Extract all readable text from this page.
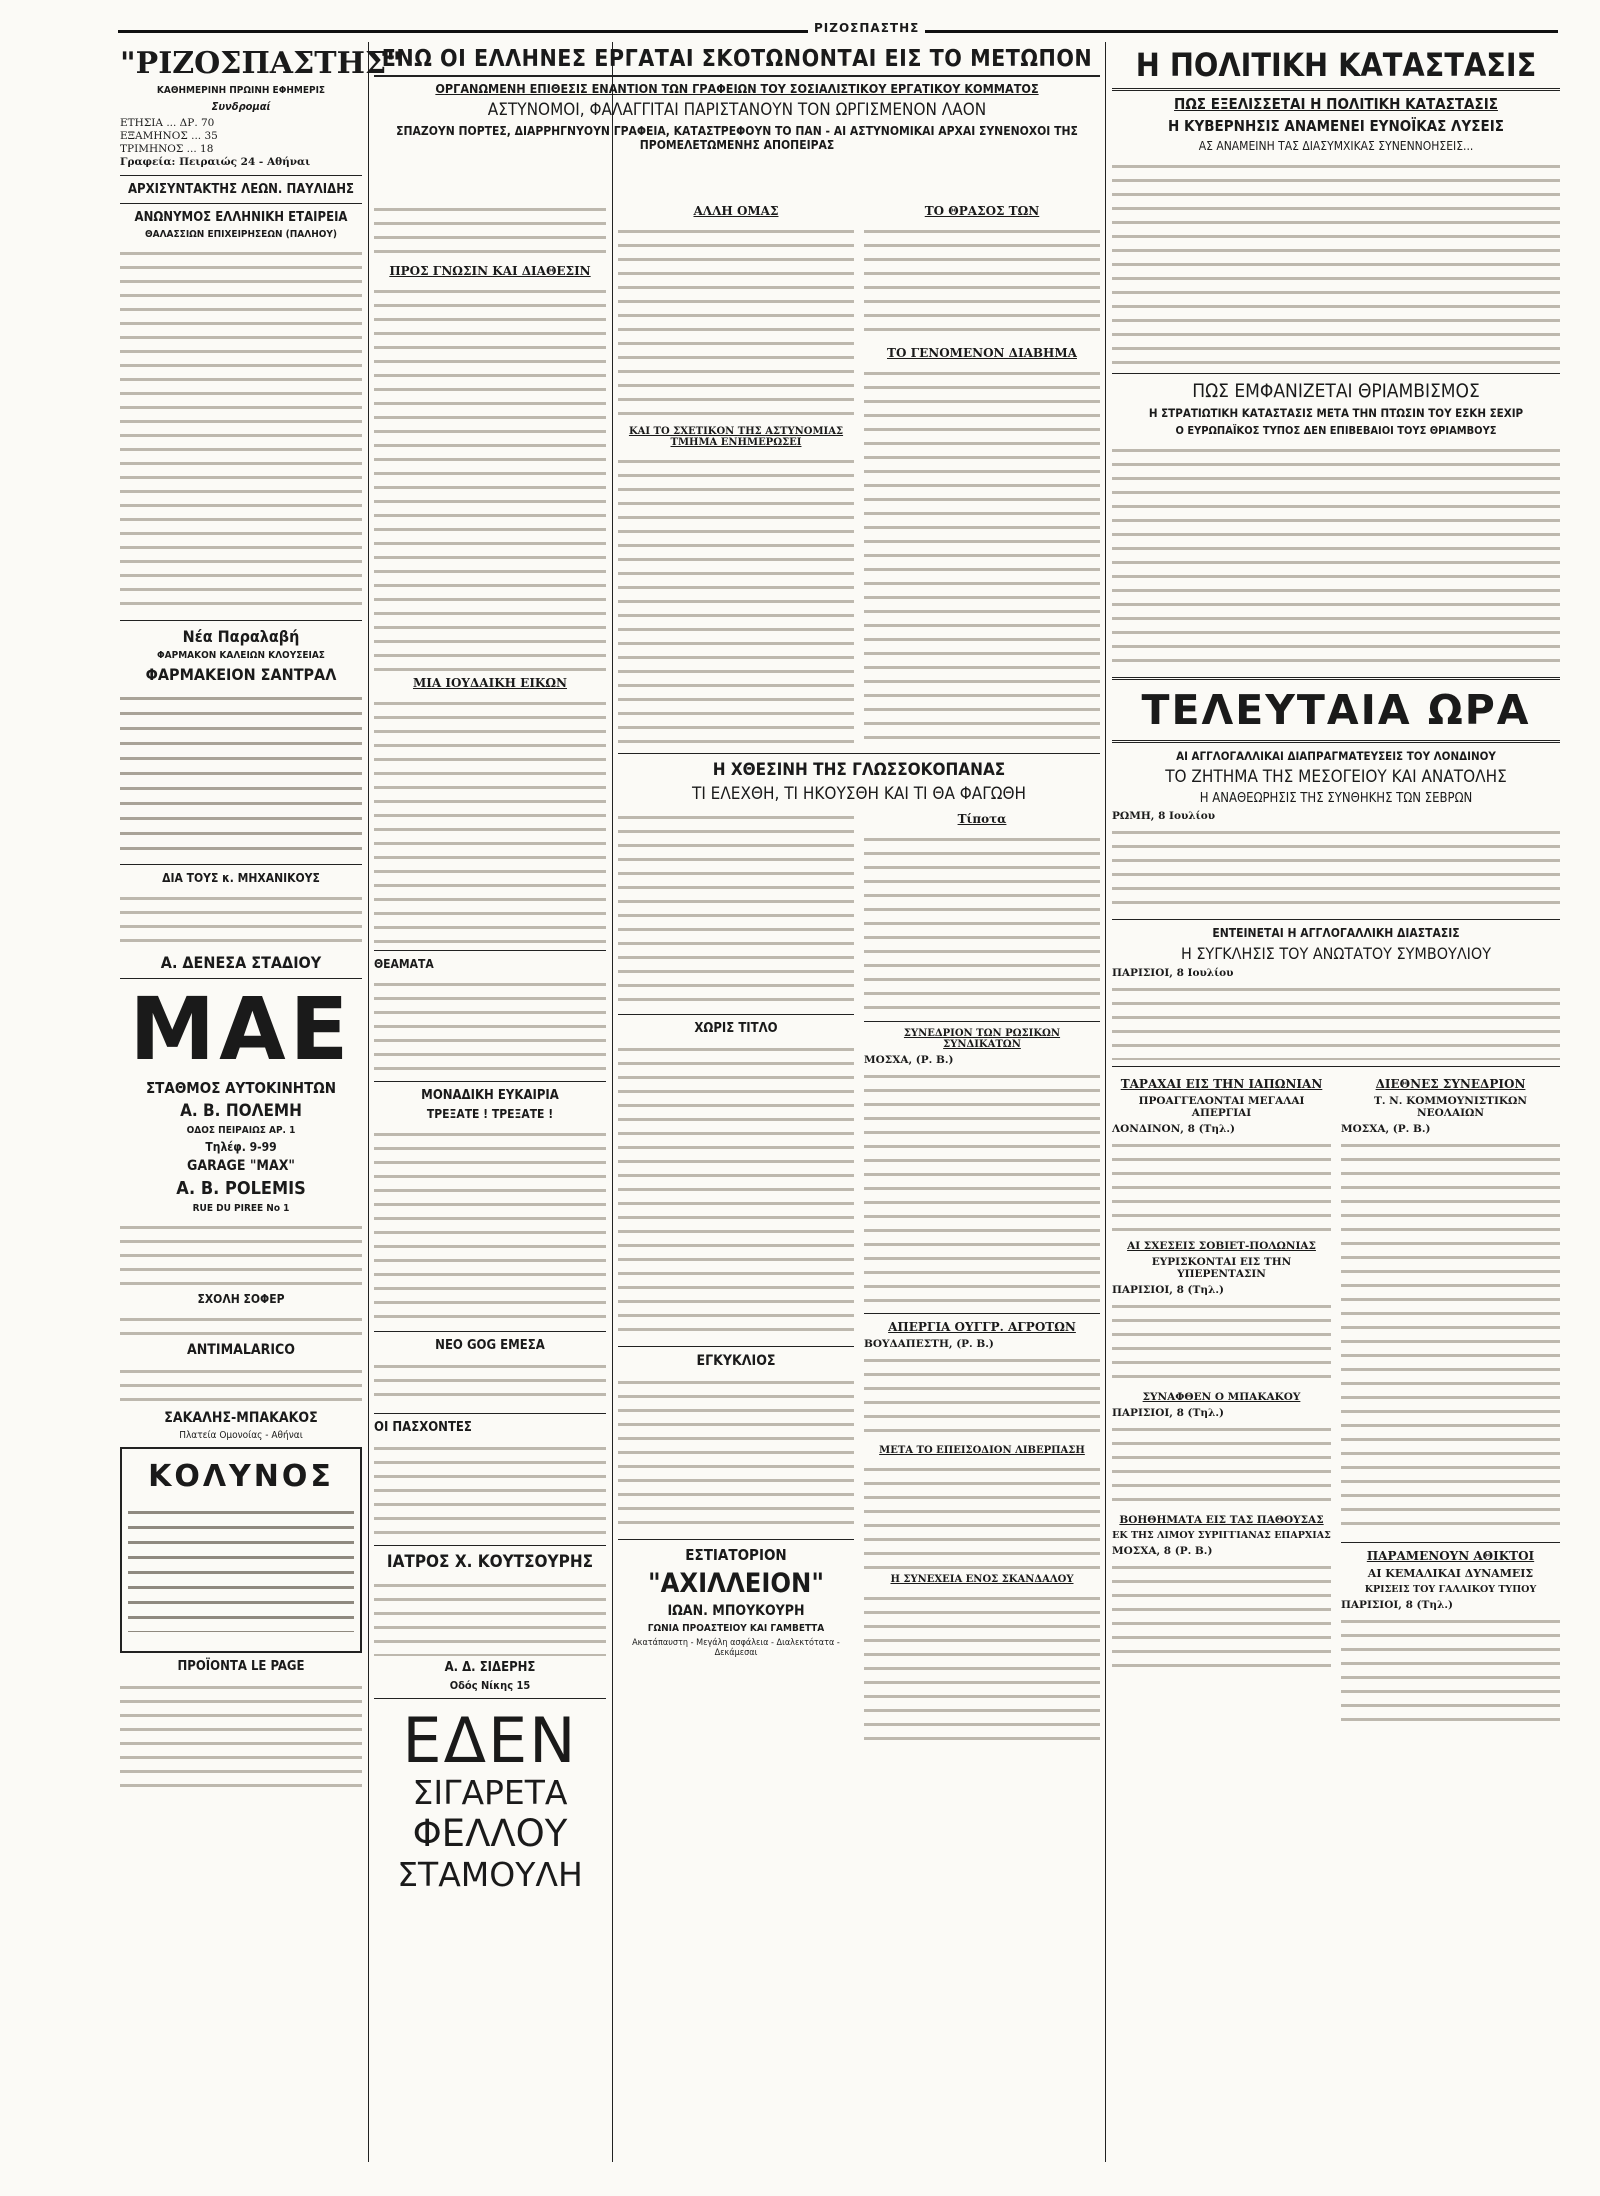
ΡΙΖΟΣΠΑΣΤΗΣ
"ΡΙΖΟΣΠΑΣΤΗΣ"
ΚΑΘΗΜΕΡΙΝΗ ΠΡΩΙΝΗ ΕΦΗΜΕΡΙΣ
Συνδρομαί
ΕΤΗΣΙΑ ... ΔΡ. 70
ΕΞΑΜΗΝΟΣ ... 35
ΤΡΙΜΗΝΟΣ ... 18
Γραφεία: Πειραιώς 24 - Αθήναι
ΑΡΧΙΣΥΝΤΑΚΤΗΣ ΛΕΩΝ. ΠΑΥΛΙΔΗΣ
ΑΝΩΝΥΜΟΣ ΕΛΛΗΝΙΚΗ ΕΤΑΙΡΕΙΑ
ΘΑΛΑΣΣΙΩΝ ΕΠΙΧΕΙΡΗΣΕΩΝ (ΠΑΛΗΟΥ)
Νέα Παραλαβή
ΦΑΡΜΑΚΟΝ ΚΑΛΕΙΩΝ ΚΛΟΥΣΕΙΑΣ
ΦΑΡΜΑΚΕΙΟΝ ΣΑΝΤΡΑΛ
ΔΙΑ ΤΟΥΣ κ. ΜΗΧΑΝΙΚΟΥΣ
Α. ΔΕΝΕΣΑ ΣΤΑΔΙΟΥ
ΜΑΕ
ΣΤΑΘΜΟΣ ΑΥΤΟΚΙΝΗΤΩΝ
Α. Β. ΠΟΛΕΜΗ
ΟΔΟΣ ΠΕΙΡΑΙΩΣ ΑΡ. 1
Τηλέφ. 9-99
GARAGE "MAX"
A. B. POLEMIS
RUE DU PIREE No 1
ΣΧΟΛΗ ΣΟΦΕΡ
ANTIMALARICO
ΣΑΚΑΛΗΣ-ΜΠΑΚΑΚΟΣ
Πλατεία Ομονοίας - Αθήναι
ΚΟΛΥΝΟΣ
ΠΡΟΪΟΝΤΑ LE PAGE
ΕΝΩ ΟΙ ΕΛΛΗΝΕΣ ΕΡΓΑΤΑΙ ΣΚΟΤΩΝΟΝΤΑΙ ΕΙΣ ΤΟ ΜΕΤΩΠΟΝ
ΟΡΓΑΝΩΜΕΝΗ ΕΠΙΘΕΣΙΣ ΕΝΑΝΤΙΟΝ ΤΩΝ ΓΡΑΦΕΙΩΝ ΤΟΥ ΣΟΣΙΑΛΙΣΤΙΚΟΥ ΕΡΓΑΤΙΚΟΥ ΚΟΜΜΑΤΟΣ
ΑΣΤΥΝΟΜΟΙ, ΦΑΛΑΓΓΙΤΑΙ ΠΑΡΙΣΤΑΝΟΥΝ ΤΟΝ ΩΡΓΙΣΜΕΝΟΝ ΛΑΟΝ
ΣΠΑΖΟΥΝ ΠΟΡΤΕΣ, ΔΙΑΡΡΗΓΝΥΟΥΝ ΓΡΑΦΕΙΑ, ΚΑΤΑΣΤΡΕΦΟΥΝ ΤΟ ΠΑΝ - ΑΙ ΑΣΤΥΝΟΜΙΚΑΙ ΑΡΧΑΙ ΣΥΝΕΝΟΧΟΙ ΤΗΣ ΠΡΟΜΕΛΕΤΩΜΕΝΗΣ ΑΠΟΠΕΙΡΑΣ
ΠΡΟΣ ΓΝΩΣΙΝ ΚΑΙ ΔΙΑΘΕΣΙΝ
ΜΙΑ ΙΟΥΔΑΙΚΗ ΕΙΚΩΝ
ΘΕΑΜΑΤΑ
ΜΟΝΑΔΙΚΗ ΕΥΚΑΙΡΙΑ
ΤΡΕΞΑΤΕ ! ΤΡΕΞΑΤΕ !
ΝΕΟ GOG ΕΜΕΣΑ
ΟΙ ΠΑΣΧΟΝΤΕΣ
ΙΑΤΡΟΣ Χ. ΚΟΥΤΣΟΥΡΗΣ
Α. Δ. ΣΙΔΕΡΗΣ
Οδός Νίκης 15
ΕΔΕΝ
ΣΙΓΑΡΕΤΑ
ΦΕΛΛΟΥ
ΣΤΑΜΟΥΛΗ
ΑΛΛΗ ΟΜΑΣ
ΚΑΙ ΤΟ ΣΧΕΤΙΚΟΝ ΤΗΣ ΑΣΤΥΝΟΜΙΑΣ ΤΜΗΜΑ ΕΝΗΜΕΡΩΣΕΙ
ΤΟ ΘΡΑΣΟΣ ΤΩΝ
ΤΟ ΓΕΝΟΜΕΝΟΝ ΔΙΑΒΗΜΑ
Η ΧΘΕΣΙΝΗ ΤΗΣ ΓΛΩΣΣΟΚΟΠΑΝΑΣ
ΤΙ ΕΛΕΧΘΗ, ΤΙ ΗΚΟΥΣΘΗ ΚΑΙ ΤΙ ΘΑ ΦΑΓΩΘΗ
ΧΩΡΙΣ ΤΙΤΛΟ
ΕΓΚΥΚΛΙΟΣ
ΕΣΤΙΑΤΟΡΙΟΝ
"ΑΧΙΛΛΕΙΟΝ"
ΙΩΑΝ. ΜΠΟΥΚΟΥΡΗ
ΓΩΝΙΑ ΠΡΟΑΣΤΕΙΟΥ ΚΑΙ ΓΑΜΒΕΤΤΑ
Ακατάπαυστη - Μεγάλη ασφάλεια - Διαλεκτότατα - Δεκάμεσαι
Τίποτα
ΣΥΝΕΔΡΙΟΝ ΤΩΝ ΡΩΣΙΚΩΝ ΣΥΝΔΙΚΑΤΩΝ
ΜΟΣΧΑ, (Ρ. Β.)
ΑΠΕΡΓΙΑ ΟΥΓΓΡ. ΑΓΡΟΤΩΝ
ΒΟΥΔΑΠΕΣΤΗ, (Ρ. Β.)
ΜΕΤΑ ΤΟ ΕΠΕΙΣΟΔΙΟΝ ΛΙΒΕΡΠΑΣΗ
Η ΣΥΝΕΧΕΙΑ ΕΝΟΣ ΣΚΑΝΔΑΛΟΥ
Η ΠΟΛΙΤΙΚΗ ΚΑΤΑΣΤΑΣΙΣ
ΠΩΣ ΕΞΕΛΙΣΣΕΤΑΙ Η ΠΟΛΙΤΙΚΗ ΚΑΤΑΣΤΑΣΙΣ
Η ΚΥΒΕΡΝΗΣΙΣ ΑΝΑΜΕΝΕΙ ΕΥΝΟΪΚΑΣ ΛΥΣΕΙΣ
ΑΣ ΑΝΑΜΕΙΝΗ ΤΑΣ ΔΙΑΣΥΜΧΙΚΑΣ ΣΥΝΕΝΝΟΗΣΕΙΣ...
ΠΩΣ ΕΜΦΑΝΙΖΕΤΑΙ ΘΡΙΑΜΒΙΣΜΟΣ
Η ΣΤΡΑΤΙΩΤΙΚΗ ΚΑΤΑΣΤΑΣΙΣ ΜΕΤΑ ΤΗΝ ΠΤΩΣΙΝ ΤΟΥ ΕΣΚΗ ΣΕΧΙΡ
Ο ΕΥΡΩΠΑΪΚΟΣ ΤΥΠΟΣ ΔΕΝ ΕΠΙΒΕΒΑΙΟΙ ΤΟΥΣ ΘΡΙΑΜΒΟΥΣ
ΤΕΛΕΥΤΑΙΑ ΩΡΑ
ΑΙ ΑΓΓΛΟΓΑΛΛΙΚΑΙ ΔΙΑΠΡΑΓΜΑΤΕΥΣΕΙΣ ΤΟΥ ΛΟΝΔΙΝΟΥ
ΤΟ ΖΗΤΗΜΑ ΤΗΣ ΜΕΣΟΓΕΙΟΥ ΚΑΙ ΑΝΑΤΟΛΗΣ
Η ΑΝΑΘΕΩΡΗΣΙΣ ΤΗΣ ΣΥΝΘΗΚΗΣ ΤΩΝ ΣΕΒΡΩΝ
ΡΩΜΗ, 8 Ιουλίου
ΕΝΤΕΙΝΕΤΑΙ Η ΑΓΓΛΟΓΑΛΛΙΚΗ ΔΙΑΣΤΑΣΙΣ
Η ΣΥΓΚΛΗΣΙΣ ΤΟΥ ΑΝΩΤΑΤΟΥ ΣΥΜΒΟΥΛΙΟΥ
ΠΑΡΙΣΙΟΙ, 8 Ιουλίου
ΤΑΡΑΧΑΙ ΕΙΣ ΤΗΝ ΙΑΠΩΝΙΑΝ
ΠΡΟΑΓΓΕΛΟΝΤΑΙ ΜΕΓΑΛΑΙ ΑΠΕΡΓΙΑΙ
ΛΟΝΔΙΝΟΝ, 8 (Τηλ.)
ΑΙ ΣΧΕΣΕΙΣ ΣΟΒΙΕΤ-ΠΟΛΩΝΙΑΣ
ΕΥΡΙΣΚΟΝΤΑΙ ΕΙΣ ΤΗΝ ΥΠΕΡΕΝΤΑΣΙΝ
ΠΑΡΙΣΙΟΙ, 8 (Τηλ.)
ΣΥΝΑΦΘΕΝ Ο ΜΠΑΚΑΚΟΥ
ΠΑΡΙΣΙΟΙ, 8 (Τηλ.)
ΒΟΗΘΗΜΑΤΑ ΕΙΣ ΤΑΣ ΠΑΘΟΥΣΑΣ
ΕΚ ΤΗΣ ΛΙΜΟΥ ΣΥΡΙΓΓΙΑΝΑΣ ΕΠΑΡΧΙΑΣ
ΜΟΣΧΑ, 8 (Ρ. Β.)
ΔΙΕΘΝΕΣ ΣΥΝΕΔΡΙΟΝ
Τ. Ν. ΚΟΜΜΟΥΝΙΣΤΙΚΩΝ ΝΕΟΛΑΙΩΝ
ΜΟΣΧΑ, (Ρ. Β.)
ΠΑΡΑΜΕΝΟΥΝ ΑΘΙΚΤΟΙ
ΑΙ ΚΕΜΑΛΙΚΑΙ ΔΥΝΑΜΕΙΣ
ΚΡΙΣΕΙΣ ΤΟΥ ΓΑΛΛΙΚΟΥ ΤΥΠΟΥ
ΠΑΡΙΣΙΟΙ, 8 (Τηλ.)
